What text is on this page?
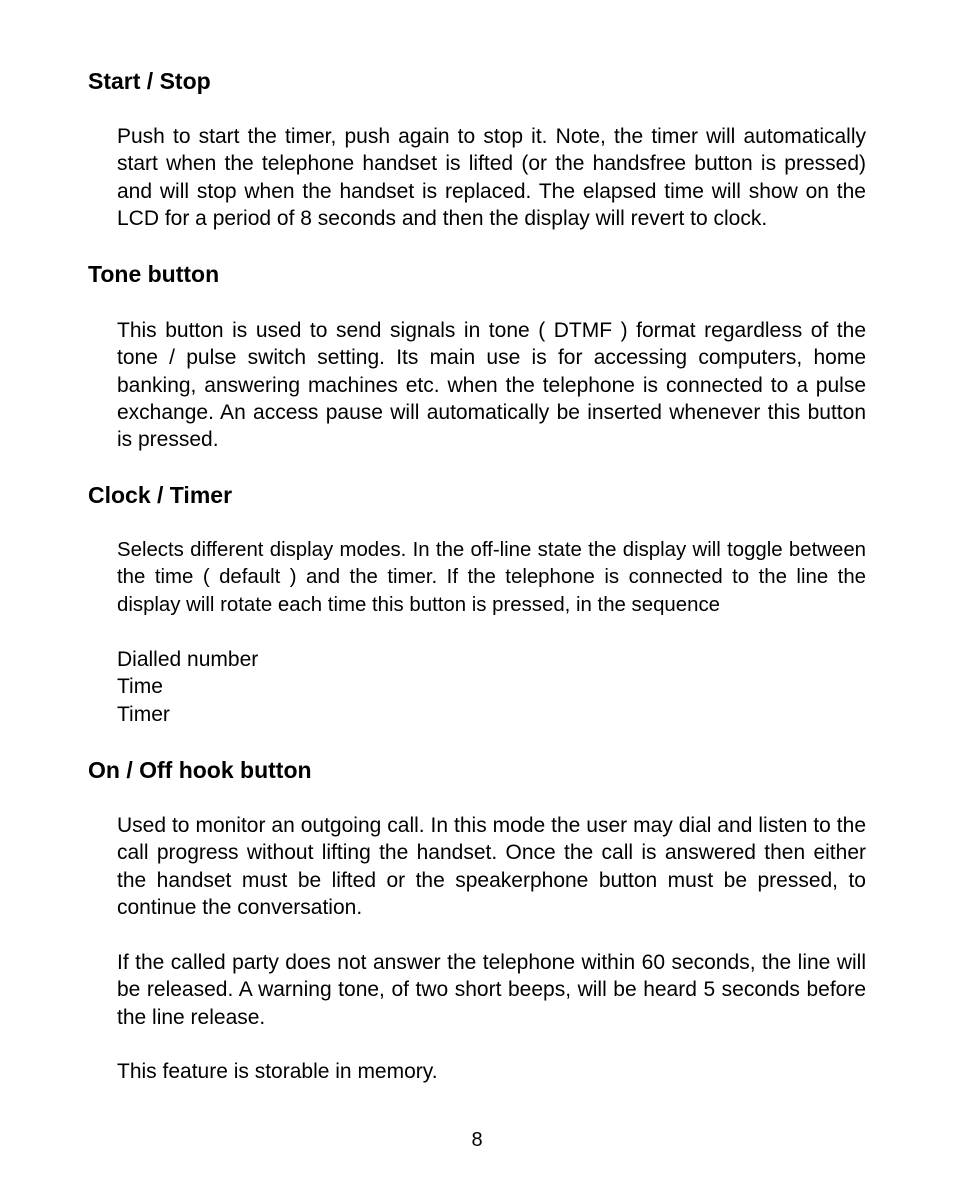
Start / Stop

Push to start the timer, push again to stop it. Note, the timer will automatically start when the telephone handset is lifted (or the handsfree button is pressed) and will stop when the handset is replaced. The elapsed time will show on the LCD for a period of 8 seconds and then the display will revert to clock.

Tone button

This button is used to send signals in tone ( DTMF ) format regardless of the tone / pulse switch setting. Its main use is for accessing computers, home banking, answering machines etc. when the telephone is connected to a pulse exchange. An access pause will automatically be inserted whenever this button is pressed.

Clock / Timer

Selects different display modes. In the off-line state the display will toggle between the time ( default ) and the timer. If the telephone is connected to the line the display will rotate each time this button is pressed, in the sequence

Dialled number

Time

Timer

On / Off hook button

Used to monitor an outgoing call. In this mode the user may dial and listen to the call progress without lifting the handset. Once the call is answered then either the handset must be lifted or the speakerphone button must be pressed, to continue the conversation.

If the called party does not answer the telephone within 60 seconds, the line will be released. A warning tone, of two short beeps, will be heard 5 seconds before the line release.

This feature is storable in memory.

8
